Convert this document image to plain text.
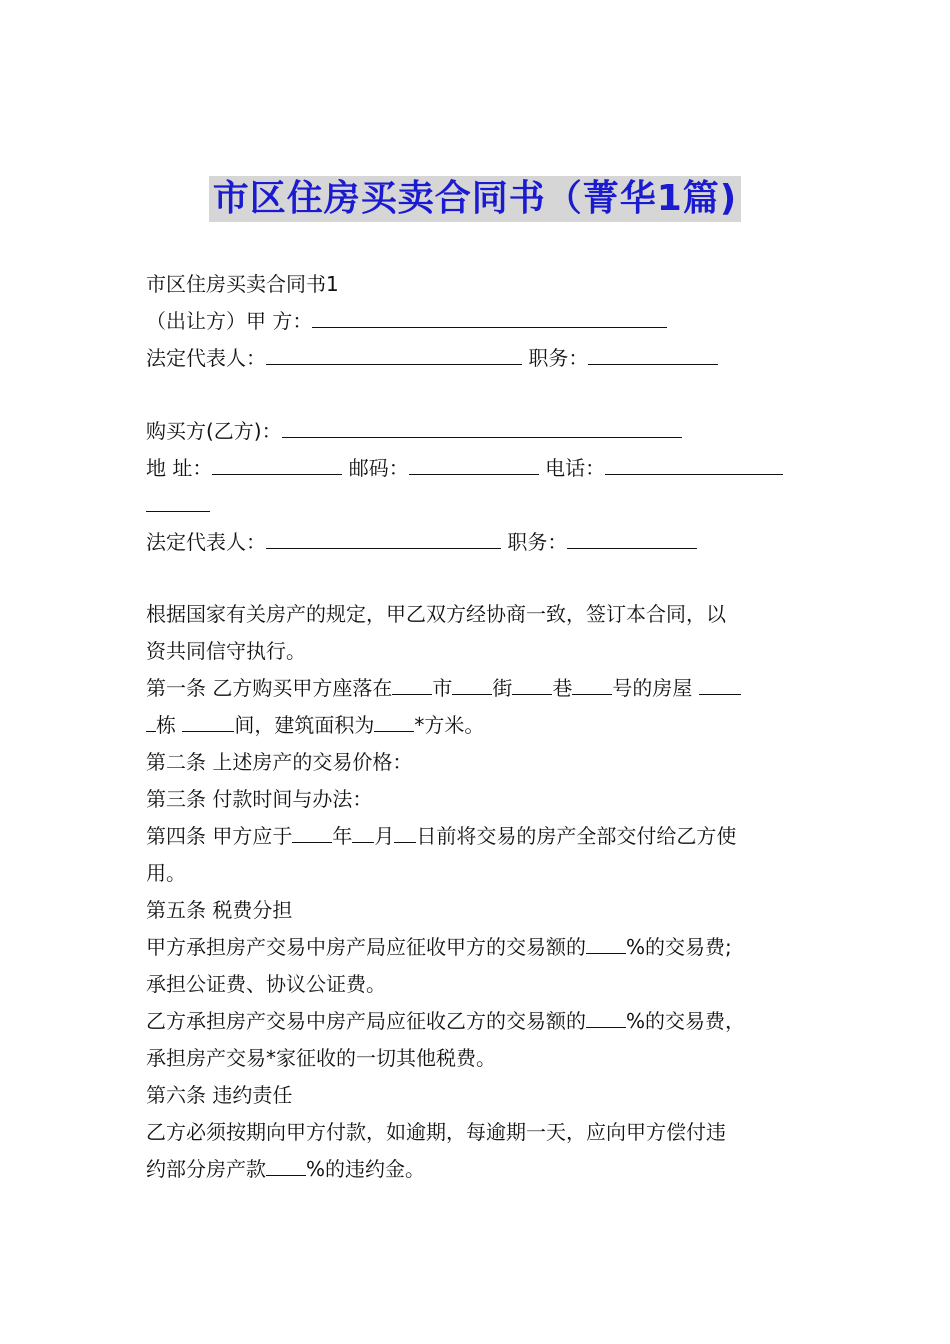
市区住房买卖合同书（菁华1篇)
市区住房买卖合同书1
（出让方）甲 方：
法定代表人：	职务：
购买方(乙方)：
地 址：	邮码：	电话：
法定代表人：	职务：
根据国家有关房产的规定，甲乙双方经协商一致，签订本合同，以
资共同信守执行。
第一条 乙方购买甲方座落在 市 街 巷 号的房屋
栋	间，建筑面积为 *方米。
第二条 上述房产的交易价格：
第三条 付款时间与办法：
第四条 甲方应于 年 月 日前将交易的房产全部交付给乙方使
用。
第五条 税费分担
甲方承担房产交易中房产局应征收甲方的交易额的 %的交易费;
承担公证费、协议公证费。
乙方承担房产交易中房产局应征收乙方的交易额的 %的交易费，
承担房产交易*家征收的一切其他税费。
第六条 违约责任
乙方必须按期向甲方付款，如逾期，每逾期一天，应向甲方偿付违
约部分房产款 %的违约金。
